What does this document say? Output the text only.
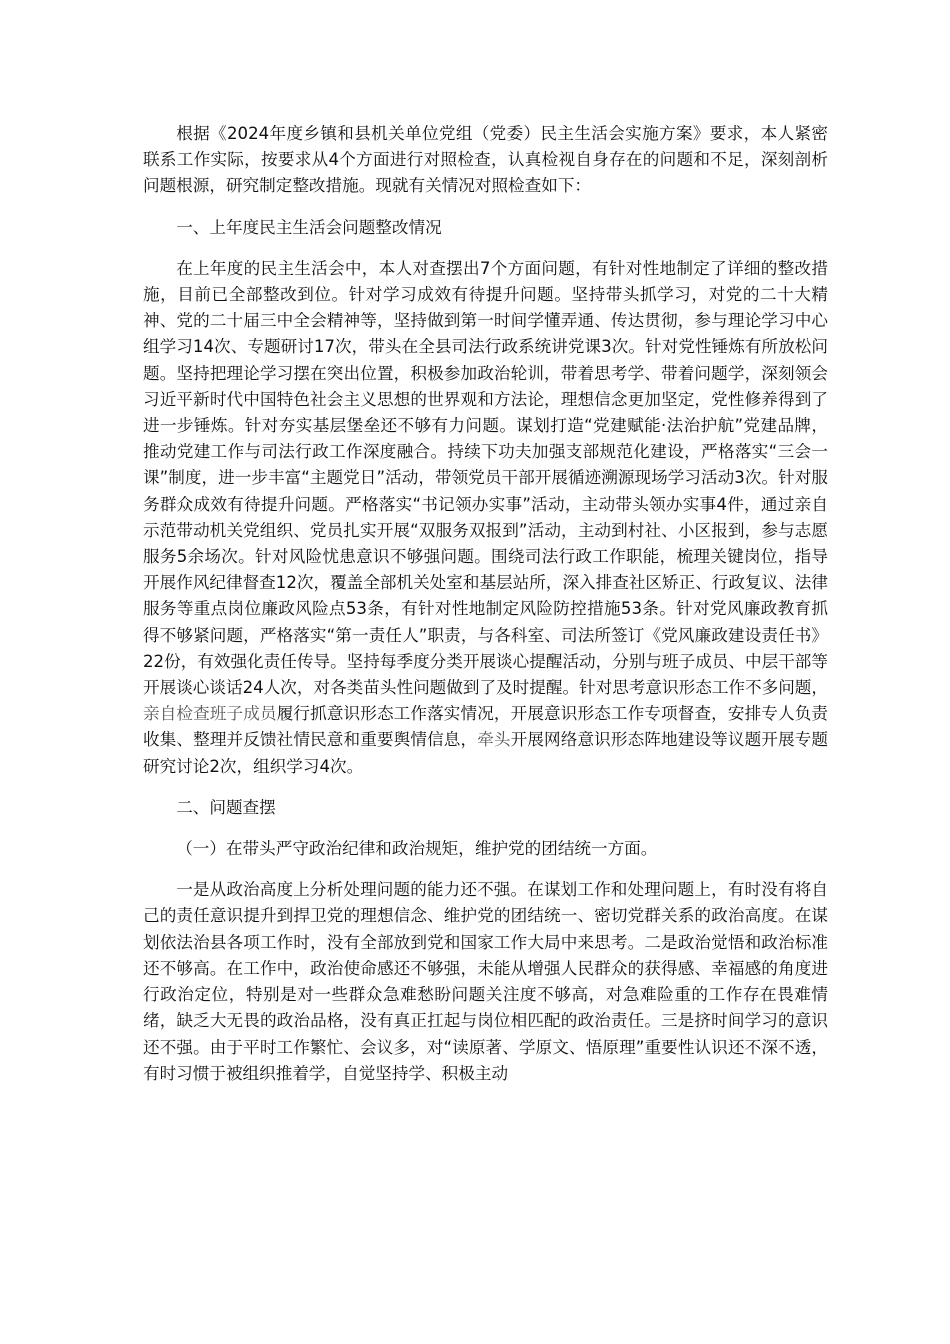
根据《2024年度乡镇和县机关单位党组（党委）民主生活会实施方案》要求，本人紧密联系工作实际，按要求从4个方面进行对照检查，认真检视自身存在的问题和不足，深刻剖析问题根源，研究制定整改措施。现就有关情况对照检查如下：

一、上年度民主生活会问题整改情况

在上年度的民主生活会中，本人对查摆出7个方面问题，有针对性地制定了详细的整改措施，目前已全部整改到位。针对学习成效有待提升问题。坚持带头抓学习，对党的二十大精神、党的二十届三中全会精神等，坚持做到第一时间学懂弄通、传达贯彻，参与理论学习中心组学习14次、专题研讨17次，带头在全县司法行政系统讲党课3次。针对党性锤炼有所放松问题。坚持把理论学习摆在突出位置，积极参加政治轮训，带着思考学、带着问题学，深刻领会习近平新时代中国特色社会主义思想的世界观和方法论，理想信念更加坚定，党性修养得到了进一步锤炼。针对夯实基层堡垒还不够有力问题。谋划打造“党建赋能·法治护航”党建品牌，推动党建工作与司法行政工作深度融合。持续下功夫加强支部规范化建设，严格落实“三会一课”制度，进一步丰富“主题党日”活动，带领党员干部开展循迹溯源现场学习活动3次。针对服务群众成效有待提升问题。严格落实“书记领办实事”活动，主动带头领办实事4件，通过亲自示范带动机关党组织、党员扎实开展“双服务双报到”活动，主动到村社、小区报到，参与志愿服务5余场次。针对风险忧患意识不够强问题。围绕司法行政工作职能，梳理关键岗位，指导开展作风纪律督查12次，覆盖全部机关处室和基层站所，深入排查社区矫正、行政复议、法律服务等重点岗位廉政风险点53条，有针对性地制定风险防控措施53条。针对党风廉政教育抓得不够紧问题，严格落实“第一责任人”职责，与各科室、司法所签订《党风廉政建设责任书》22份，有效强化责任传导。坚持每季度分类开展谈心提醒活动，分别与班子成员、中层干部等开展谈心谈话24人次，对各类苗头性问题做到了及时提醒。针对思考意识形态工作不多问题，亲自检查班子成员履行抓意识形态工作落实情况，开展意识形态工作专项督查，安排专人负责收集、整理并反馈社情民意和重要舆情信息，牵头开展网络意识形态阵地建设等议题开展专题研究讨论2次，组织学习4次。

二、问题查摆

（一）在带头严守政治纪律和政治规矩，维护党的团结统一方面。

一是从政治高度上分析处理问题的能力还不强。在谋划工作和处理问题上，有时没有将自己的责任意识提升到捍卫党的理想信念、维护党的团结统一、密切党群关系的政治高度。在谋划依法治县各项工作时，没有全部放到党和国家工作大局中来思考。二是政治觉悟和政治标准还不够高。在工作中，政治使命感还不够强，未能从增强人民群众的获得感、幸福感的角度进行政治定位，特别是对一些群众急难愁盼问题关注度不够高，对急难险重的工作存在畏难情绪，缺乏大无畏的政治品格，没有真正扛起与岗位相匹配的政治责任。三是挤时间学习的意识还不强。由于平时工作繁忙、会议多，对“读原著、学原文、悟原理”重要性认识还不深不透，有时习惯于被组织推着学，自觉坚持学、积极主动
